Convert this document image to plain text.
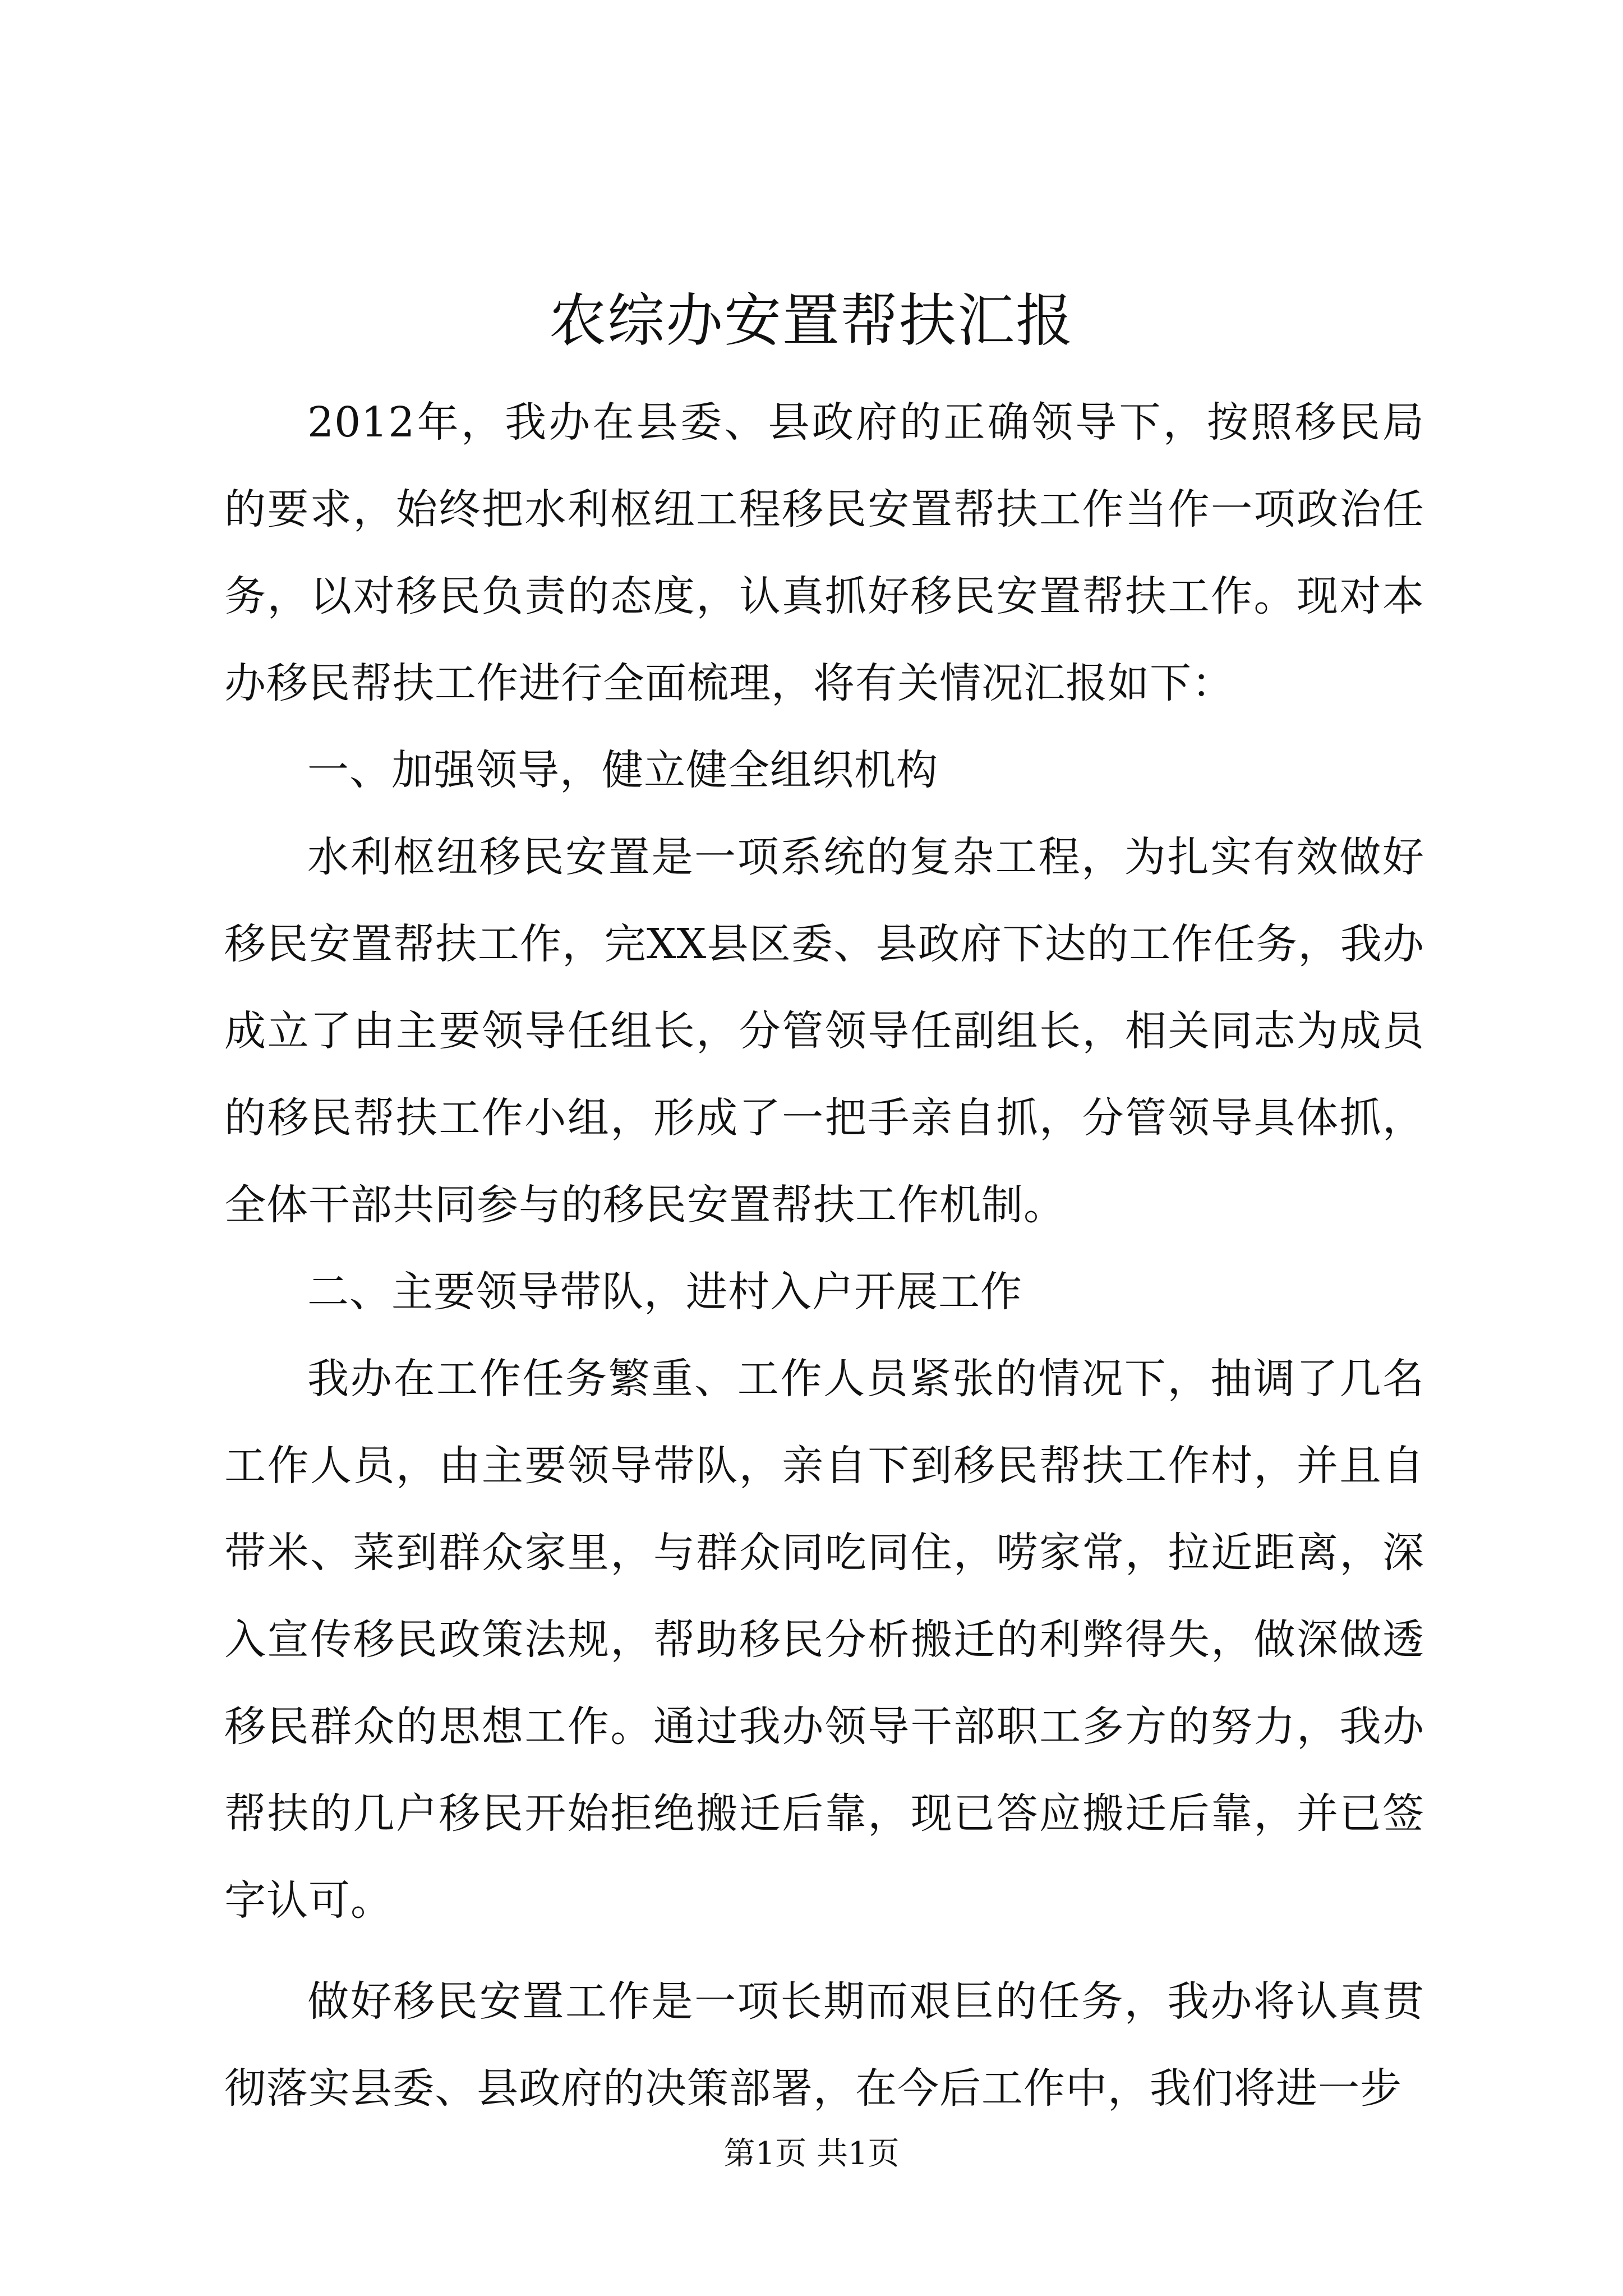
农综办安置帮扶汇报

2012年，我办在县委、县政府的正确领导下，按照移民局的要求，始终把水利枢纽工程移民安置帮扶工作当作一项政治任务，以对移民负责的态度，认真抓好移民安置帮扶工作。现对本办移民帮扶工作进行全面梳理，将有关情况汇报如下：

一、加强领导，健立健全组织机构

水利枢纽移民安置是一项系统的复杂工程，为扎实有效做好移民安置帮扶工作，完XX县区委、县政府下达的工作任务，我办成立了由主要领导任组长，分管领导任副组长，相关同志为成员的移民帮扶工作小组，形成了一把手亲自抓，分管领导具体抓，全体干部共同参与的移民安置帮扶工作机制。

二、主要领导带队，进村入户开展工作

我办在工作任务繁重、工作人员紧张的情况下，抽调了几名工作人员，由主要领导带队，亲自下到移民帮扶工作村，并且自带米、菜到群众家里，与群众同吃同住，唠家常，拉近距离，深入宣传移民政策法规，帮助移民分析搬迁的利弊得失，做深做透移民群众的思想工作。通过我办领导干部职工多方的努力，我办帮扶的几户移民开始拒绝搬迁后靠，现已答应搬迁后靠，并已签字认可。

做好移民安置工作是一项长期而艰巨的任务，我办将认真贯彻落实县委、县政府的决策部署，在今后工作中，我们将进一步

第1页 共1页
